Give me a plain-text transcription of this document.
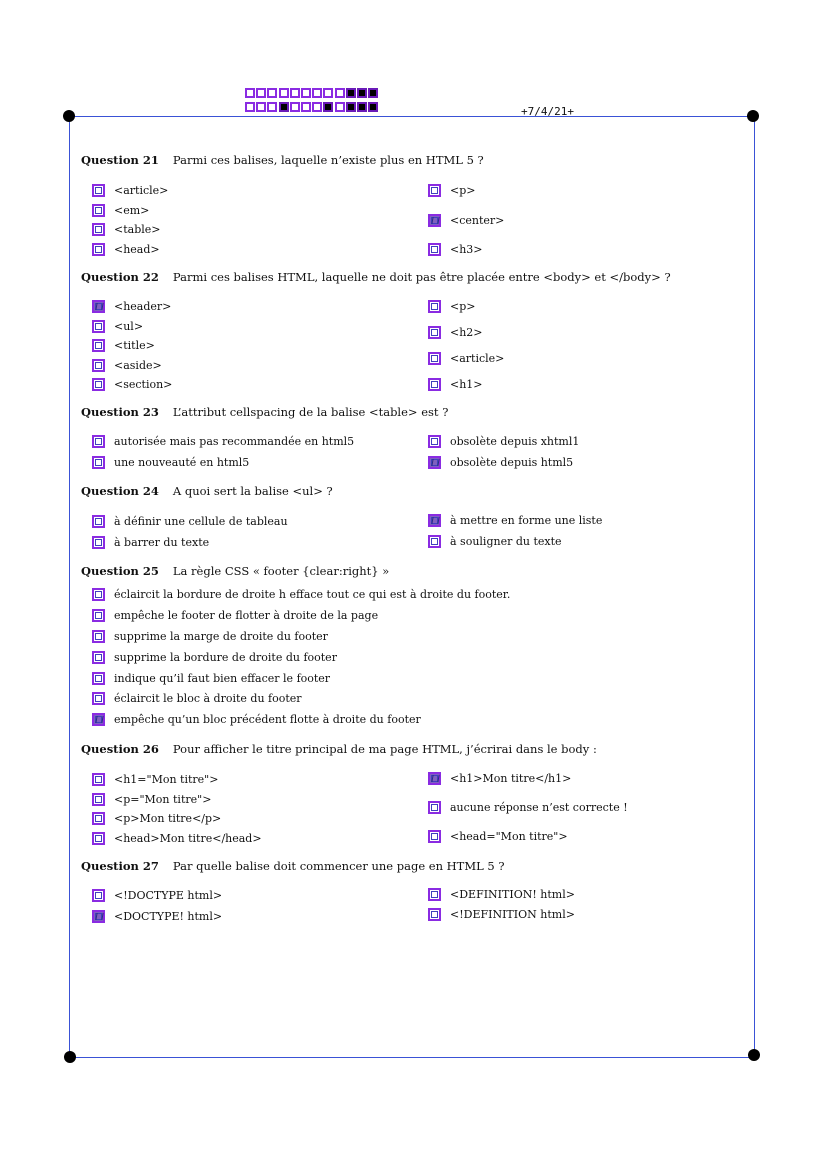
+7/4/21+
Question 21 Parmi ces balises, laquelle n’existe plus en HTML 5 ?
<article>
<em>
<table>
<head>
<p>
<center>
<h3>
Question 22 Parmi ces balises HTML, laquelle ne doit pas être placée entre <body> et </body> ?
<header>
<ul>
<title>
<aside>
<section>
<p>
<h2>
<article>
<h1>
Question 23 L’attribut cellspacing de la balise <table> est ?
autorisée mais pas recommandée en html5
une nouveauté en html5
obsolète depuis xhtml1
obsolète depuis html5
Question 24 A quoi sert la balise <ul> ?
à définir une cellule de tableau
à barrer du texte
à mettre en forme une liste
à souligner du texte
Question 25 La règle CSS « footer {clear:right} »
éclaircit la bordure de droite h efface tout ce qui est à droite du footer.
empêche le footer de flotter à droite de la page
supprime la marge de droite du footer
supprime la bordure de droite du footer
indique qu’il faut bien effacer le footer
éclaircit le bloc à droite du footer
empêche qu’un bloc précédent flotte à droite du footer
Question 26 Pour afficher le titre principal de ma page HTML, j’écrirai dans le body :
<h1="Mon titre">
<p="Mon titre">
<p>Mon titre</p>
<head>Mon titre</head>
<h1>Mon titre</h1>
aucune réponse n’est correcte !
<head="Mon titre">
Question 27 Par quelle balise doit commencer une page en HTML 5 ?
<!DOCTYPE html>
<DOCTYPE! html>
<DEFINITION! html>
<!DEFINITION html>
